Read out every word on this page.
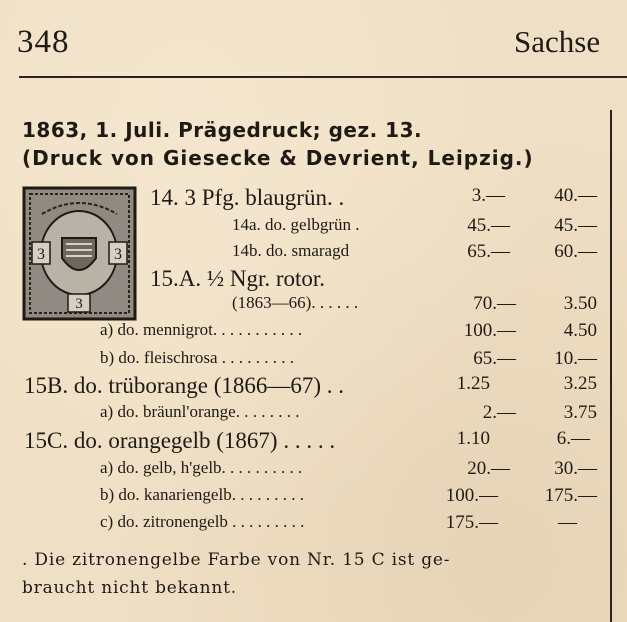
348	Sachse
1863, 1. Juli. Prägedruck; gez. 13.
(Druck von Giesecke & Devrient, Leipzig.)
3	3
3
14. 3 Pfg. blaugrün. .	3.—	40.—
14a. do. gelbgrün .	45.— 45.—
14b. do. smaragd	65.— 60.—
15.A. ½ Ngr. rotor.
(1863—66). . . . . .	70.—	3.50
a) do. mennigrot. . . . . . . . . . .	100.—	4.50
b) do. fleischrosa . . . . . . . . .	65.— 10.—
15B. do. trüborange (1866—67) . .	1.25	3.25
a) do. bräunl'orange. . . . . . . .	2.—	3.75
15C. do. orangegelb (1867) . . . . .	1.10	6.—
a) do. gelb, h'gelb. . . . . . . . . .	20.— 30.—
b) do. kanariengelb. . . . . . . . .	100.— 175.—
c) do. zitronengelb . . . . . . . . .	175.—	—
. Die zitronengelbe Farbe von Nr. 15 C ist ge-
braucht nicht bekannt.
